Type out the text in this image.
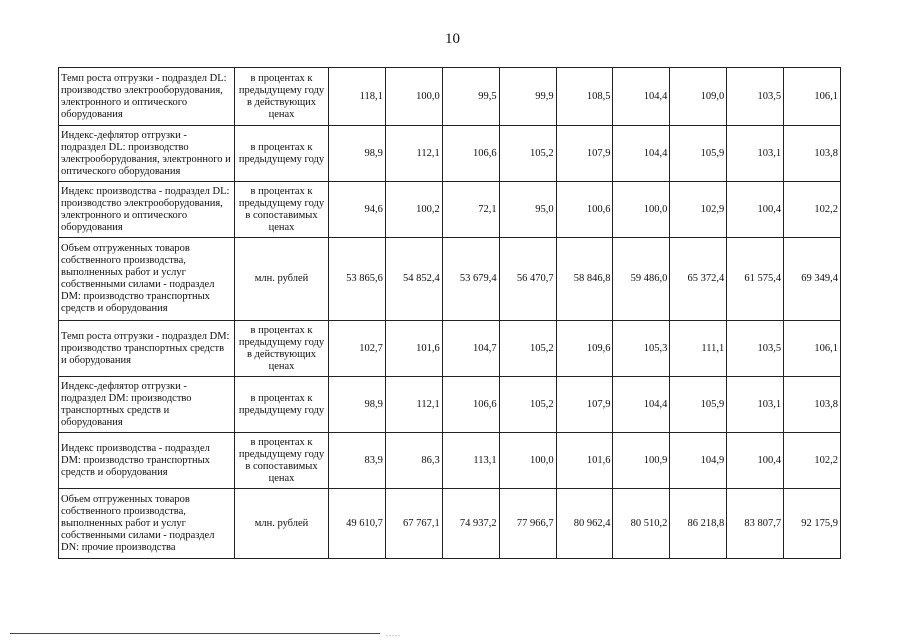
10
Темп роста отгрузки - подраздел DL: производство электрооборудования, электронного и оптического оборудования	в процентах к предыдущему году в действующих ценах	118,1	100,0	99,5	99,9	108,5	104,4	109,0	103,5	106,1
Индекс-дефлятор отгрузки - подраздел DL: производство электрооборудования, электронного и оптического оборудования	в процентах к предыдущему году	98,9	112,1	106,6	105,2	107,9	104,4	105,9	103,1	103,8
Индекс производства - подраздел DL: производство электрооборудования, электронного и оптического оборудования	в процентах к предыдущему году в сопоставимых ценах	94,6	100,2	72,1	95,0	100,6	100,0	102,9	100,4	102,2
Объем отгруженных товаров собственного производства, выполненных работ и услуг собственными силами - подраздел DM: производство транспортных средств и оборудования	млн. рублей	53 865,6	54 852,4	53 679,4	56 470,7	58 846,8	59 486,0	65 372,4	61 575,4	69 349,4
Темп роста отгрузки - подраздел DM: производство транспортных средств и оборудования	в процентах к предыдущему году в действующих ценах	102,7	101,6	104,7	105,2	109,6	105,3	111,1	103,5	106,1
Индекс-дефлятор отгрузки - подраздел DM: производство транспортных средств и оборудования	в процентах к предыдущему году	98,9	112,1	106,6	105,2	107,9	104,4	105,9	103,1	103,8
Индекс производства - подраздел DM: производство транспортных средств и оборудования	в процентах к предыдущему году в сопоставимых ценах	83,9	86,3	113,1	100,0	101,6	100,9	104,9	100,4	102,2
Объем отгруженных товаров собственного производства, выполненных работ и услуг собственными силами - подраздел DN: прочие производства	млн. рублей	49 610,7	67 767,1	74 937,2	77 966,7	80 962,4	80 510,2	86 218,8	83 807,7	92 175,9
.....
